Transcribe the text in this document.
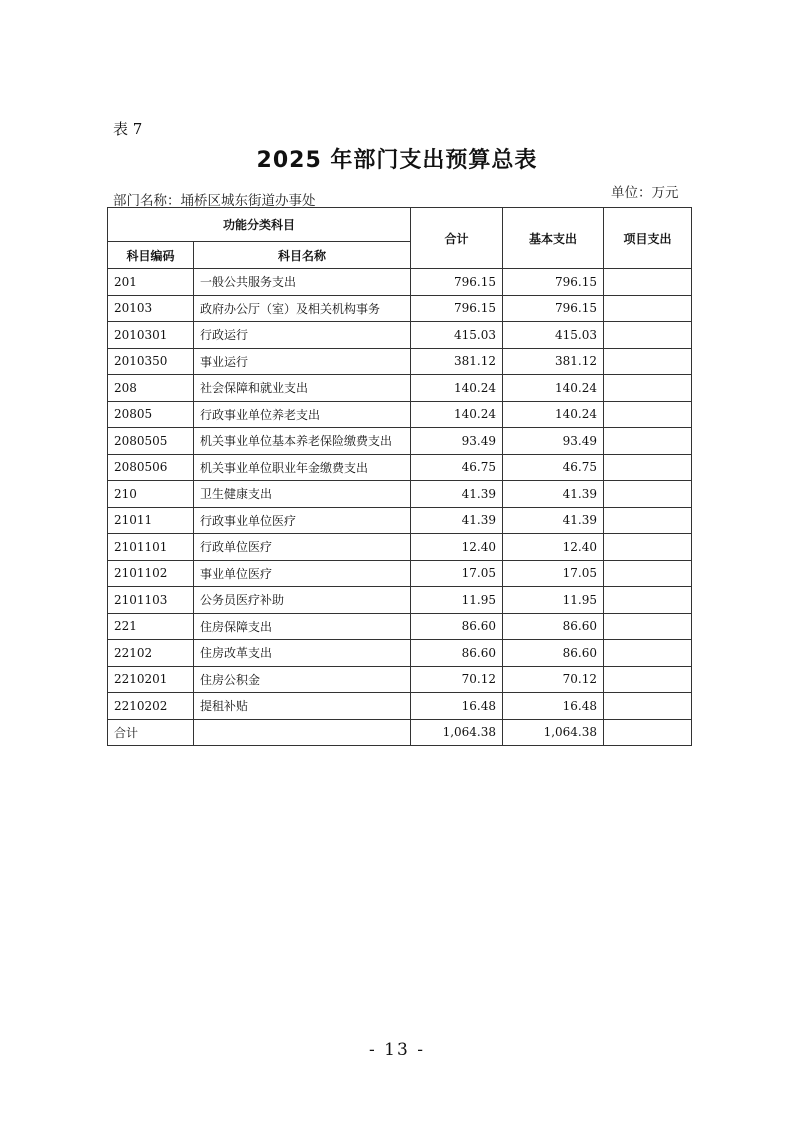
表 7
2025 年部门支出预算总表
部门名称：埇桥区城东街道办事处	单位：万元
功能分类科目		合计	基本支出	项目支出
科目编码	科目名称			
201	一般公共服务支出	796.15	796.15	
20103	政府办公厅（室）及相关机构事务	796.15	796.15	
2010301	行政运行	415.03	415.03	
2010350	事业运行	381.12	381.12	
208	社会保障和就业支出	140.24	140.24	
20805	行政事业单位养老支出	140.24	140.24	
2080505	机关事业单位基本养老保险缴费支出	93.49	93.49	
2080506	机关事业单位职业年金缴费支出	46.75	46.75	
210	卫生健康支出	41.39	41.39	
21011	行政事业单位医疗	41.39	41.39	
2101101	行政单位医疗	12.40	12.40	
2101102	事业单位医疗	17.05	17.05	
2101103	公务员医疗补助	11.95	11.95	
221	住房保障支出	86.60	86.60	
22102	住房改革支出	86.60	86.60	
2210201	住房公积金	70.12	70.12	
2210202	提租补贴	16.48	16.48	
合计		1,064.38	1,064.38	
- 13 -
